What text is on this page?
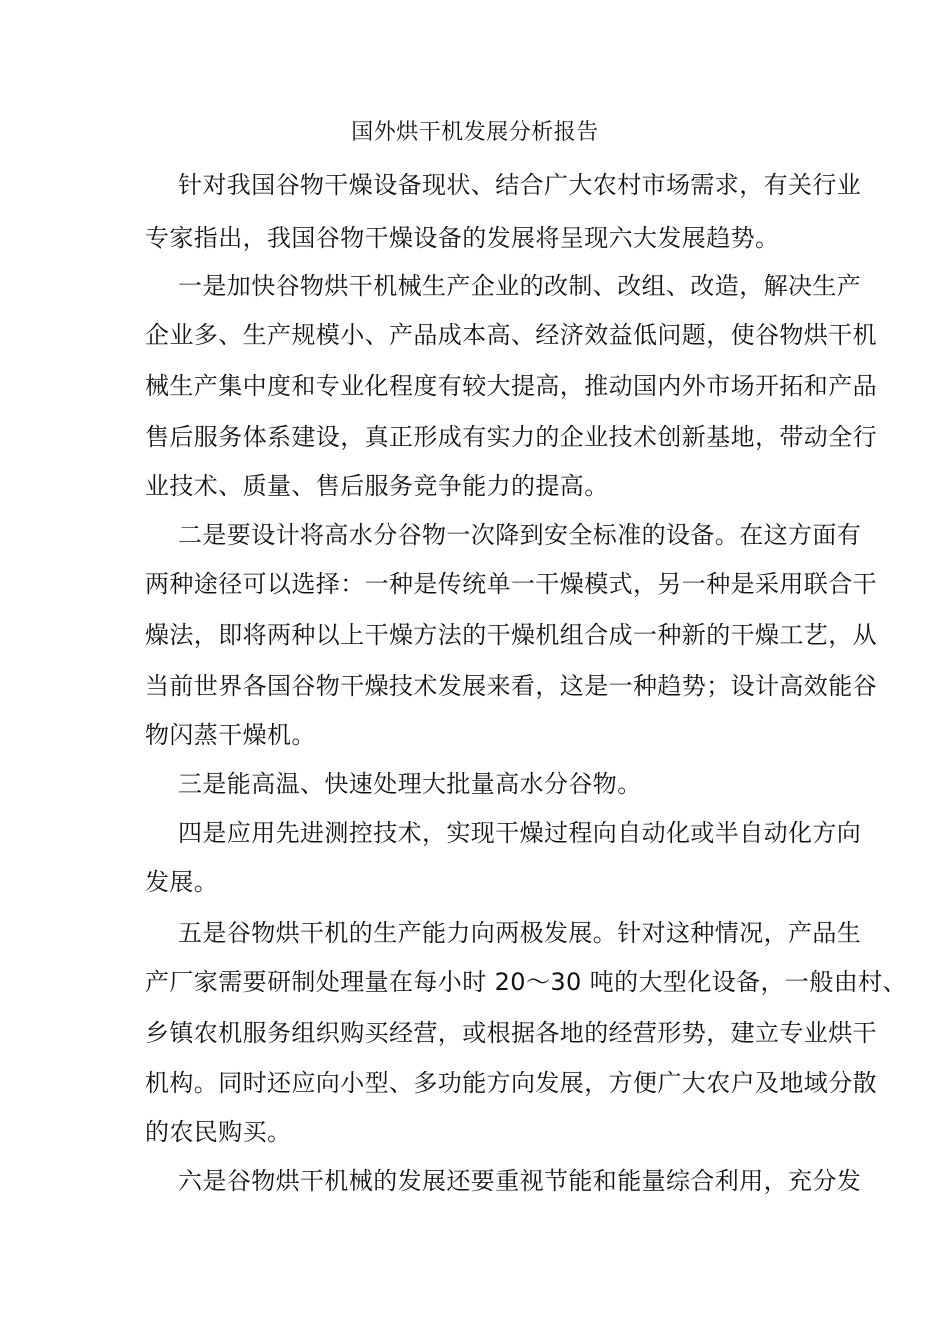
国外烘干机发展分析报告
针对我国谷物干燥设备现状、结合广大农村市场需求，有关行业
专家指出，我国谷物干燥设备的发展将呈现六大发展趋势。
一是加快谷物烘干机械生产企业的改制、改组、改造，解决生产
企业多、生产规模小、产品成本高、经济效益低问题，使谷物烘干机
械生产集中度和专业化程度有较大提高，推动国内外市场开拓和产品
售后服务体系建设，真正形成有实力的企业技术创新基地，带动全行
业技术、质量、售后服务竞争能力的提高。
二是要设计将高水分谷物一次降到安全标准的设备。在这方面有
两种途径可以选择：一种是传统单一干燥模式，另一种是采用联合干
燥法，即将两种以上干燥方法的干燥机组合成一种新的干燥工艺，从
当前世界各国谷物干燥技术发展来看，这是一种趋势；设计高效能谷
物闪蒸干燥机。
三是能高温、快速处理大批量高水分谷物。
四是应用先进测控技术，实现干燥过程向自动化或半自动化方向
发展。
五是谷物烘干机的生产能力向两极发展。针对这种情况，产品生
产厂家需要研制处理量在每小时 20～30 吨的大型化设备，一般由村、
乡镇农机服务组织购买经营，或根据各地的经营形势，建立专业烘干
机构。同时还应向小型、多功能方向发展，方便广大农户及地域分散
的农民购买。
六是谷物烘干机械的发展还要重视节能和能量综合利用，充分发
